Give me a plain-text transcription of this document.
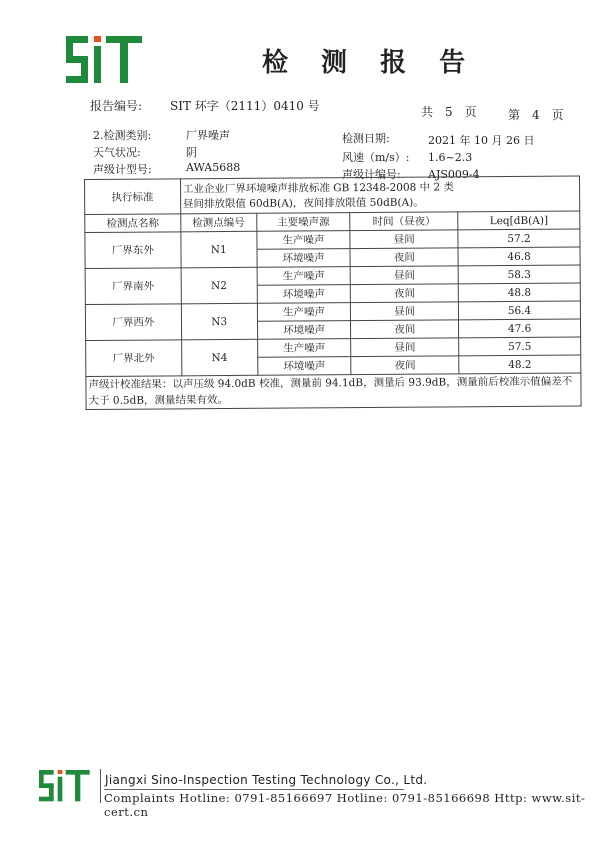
检 测 报 告
报告编号: SIT 环字（2111）0410 号	共　5　页	第　4　页
2.检测类别:	厂界噪声
天气状况:	阴
声级计型号:	AWA5688
检测日期:	2021 年 10 月 26 日
风速（m/s）: 1.6~2.3
声级计编号: AJS009-4
执行标准	工业企业厂界环境噪声排放标准 GB 12348-2008 中 2 类
昼间排放限值 60dB(A)，夜间排放限值 50dB(A)。			

检测点名称	检测点编号	主要噪声源	时间（昼夜）	Leq[dB(A)]
厂界东外	N1	生产噪声	昼间	57.2
		环境噪声	夜间	46.8
厂界南外	N2	生产噪声	昼间	58.3
		环境噪声	夜间	48.8
厂界西外	N3	生产噪声	昼间	56.4
		环境噪声	夜间	47.6
厂界北外	N4	生产噪声	昼间	57.5
		环境噪声	夜间	48.2
声级计校准结果：以声压级 94.0dB 校准，测量前 94.1dB，测量后 93.9dB，测量前后校准示值偏差不大于 0.5dB，测量结果有效。				
Jiangxi Sino-Inspection Testing Technology Co., Ltd.
Complaints Hotline: 0791-85166697 Hotline: 0791-85166698 Http: www.sit-cert.cn
